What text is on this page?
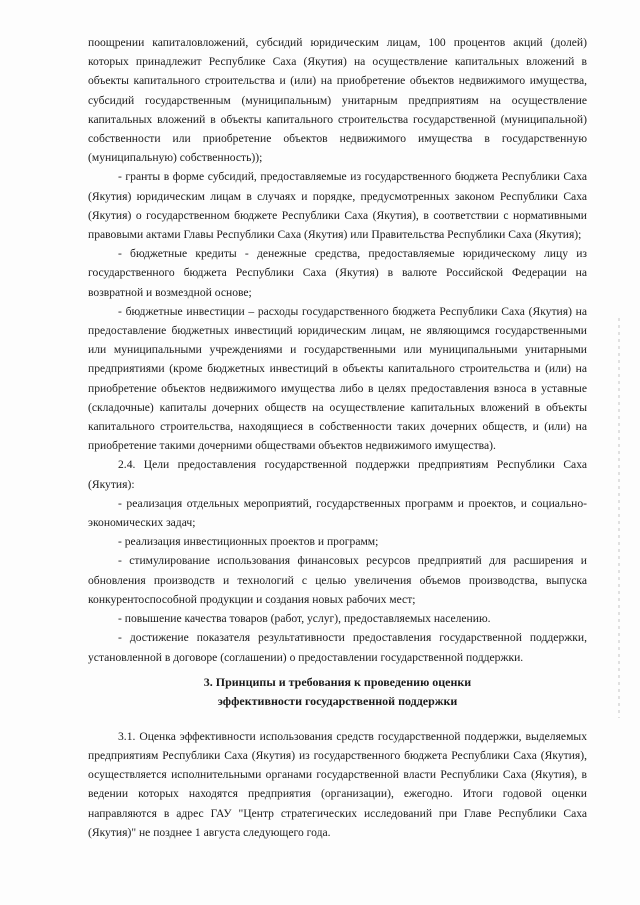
поощрении капиталовложений, субсидий юридическим лицам, 100 процентов акций (долей) которых принадлежит Республике Саха (Якутия) на осуществление капитальных вложений в объекты капитального строительства и (или) на приобретение объектов недвижимого имущества, субсидий государственным (муниципальным) унитарным предприятиям на осуществление капитальных вложений в объекты капитального строительства государственной (муниципальной) собственности или приобретение объектов недвижимого имущества в государственную (муниципальную) собственность));

- гранты в форме субсидий, предоставляемые из государственного бюджета Республики Саха (Якутия) юридическим лицам в случаях и порядке, предусмотренных законом Республики Саха (Якутия) о государственном бюджете Республики Саха (Якутия), в соответствии с нормативными правовыми актами Главы Республики Саха (Якутия) или Правительства Республики Саха (Якутия);

- бюджетные кредиты - денежные средства, предоставляемые юридическому лицу из государственного бюджета Республики Саха (Якутия) в валюте Российской Федерации на возвратной и возмездной основе;

- бюджетные инвестиции – расходы государственного бюджета Республики Саха (Якутия) на предоставление бюджетных инвестиций юридическим лицам, не являющимся государственными или муниципальными учреждениями и государственными или муниципальными унитарными предприятиями (кроме бюджетных инвестиций в объекты капитального строительства и (или) на приобретение объектов недвижимого имущества либо в целях предоставления взноса в уставные (складочные) капиталы дочерних обществ на осуществление капитальных вложений в объекты капитального строительства, находящиеся в собственности таких дочерних обществ, и (или) на приобретение такими дочерними обществами объектов недвижимого имущества).

2.4. Цели предоставления государственной поддержки предприятиям Республики Саха (Якутия):

- реализация отдельных мероприятий, государственных программ и проектов, и социально-экономических задач;

- реализация инвестиционных проектов и программ;

- стимулирование использования финансовых ресурсов предприятий для расширения и обновления производств и технологий с целью увеличения объемов производства, выпуска конкурентоспособной продукции и создания новых рабочих мест;

- повышение качества товаров (работ, услуг), предоставляемых населению.

- достижение показателя результативности предоставления государственной поддержки, установленной в договоре (соглашении) о предоставлении государственной поддержки.

3. Принципы и требования к проведению оценки
эффективности государственной поддержки

3.1. Оценка эффективности использования средств государственной поддержки, выделяемых предприятиям Республики Саха (Якутия) из государственного бюджета Республики Саха (Якутия), осуществляется исполнительными органами государственной власти Республики Саха (Якутия), в ведении которых находятся предприятия (организации), ежегодно. Итоги годовой оценки направляются в адрес ГАУ "Центр стратегических исследований при Главе Республики Саха (Якутия)" не позднее 1 августа следующего года.
